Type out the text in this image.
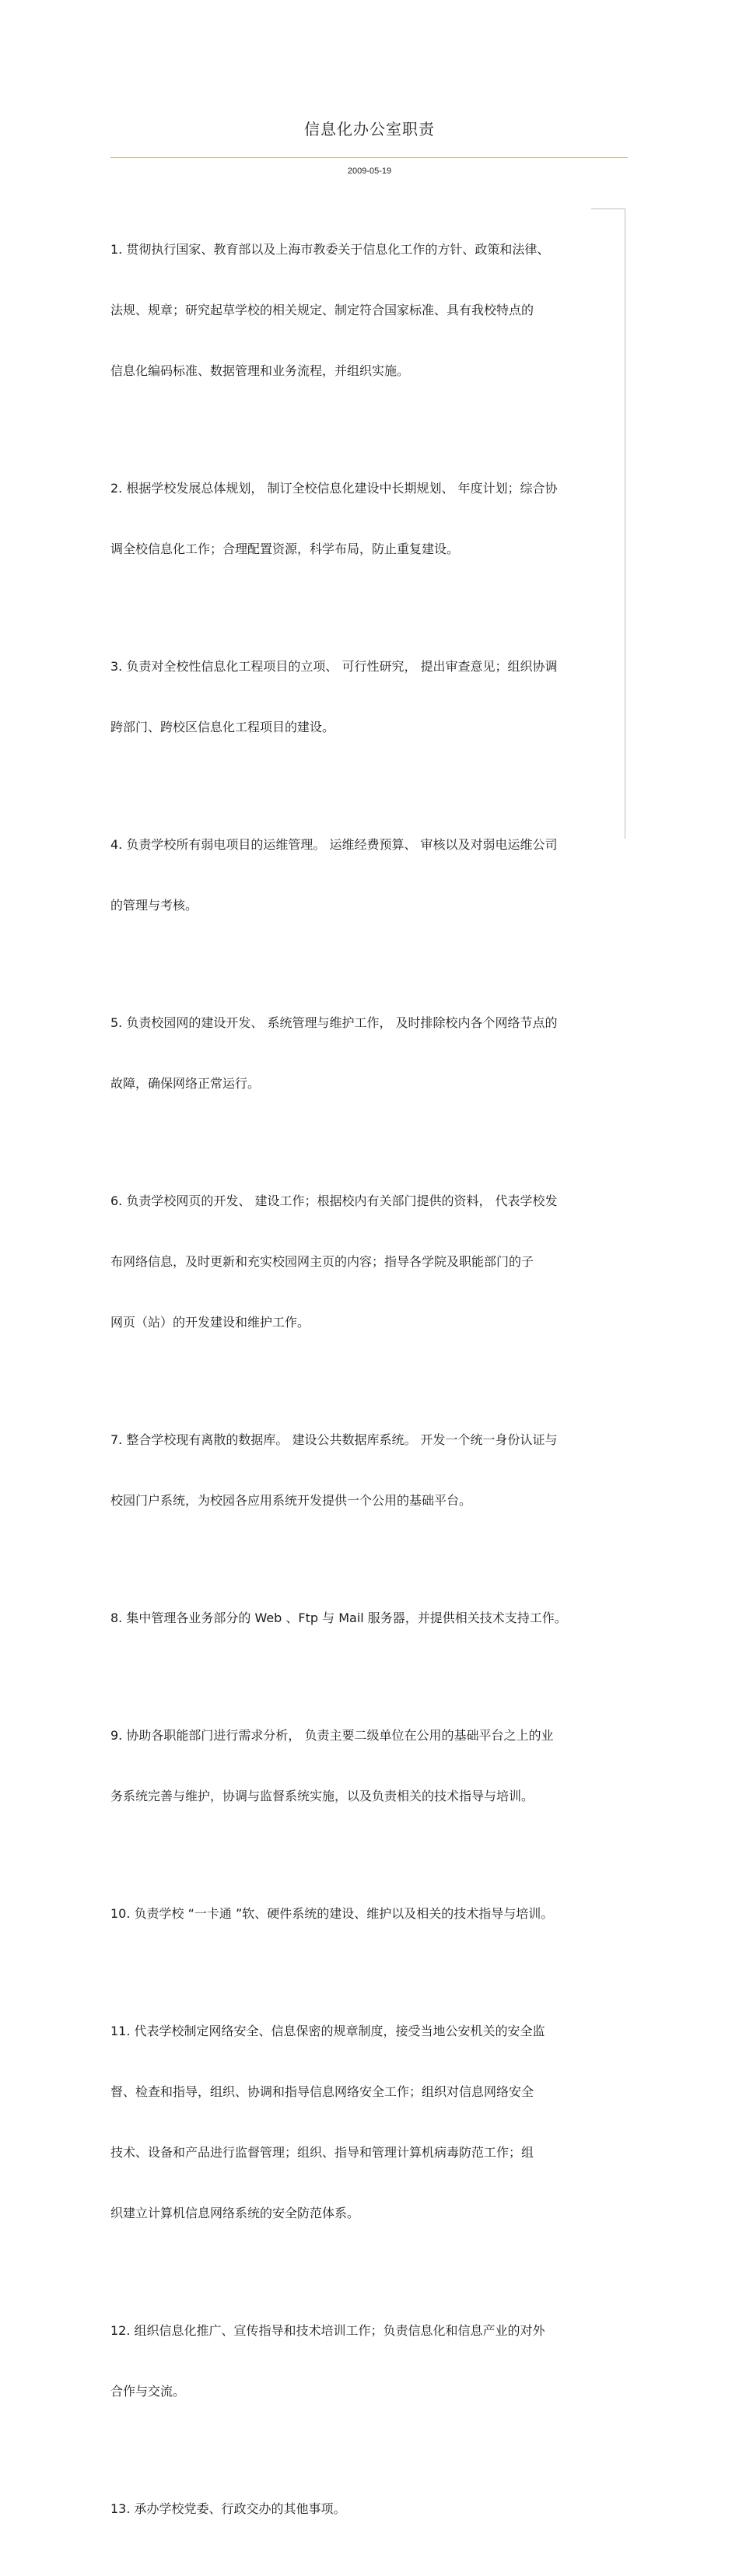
信息化办公室职责
2009-05-19

1. 贯彻执行国家、教育部以及上海市教委关于信息化工作的方针、政策和法律、

法规、规章；研究起草学校的相关规定、制定符合国家标准、具有我校特点的

信息化编码标准、数据管理和业务流程，并组织实施。

2. 根据学校发展总体规划， 制订全校信息化建设中长期规划、 年度计划；综合协

调全校信息化工作；合理配置资源，科学布局，防止重复建设。

3. 负责对全校性信息化工程项目的立项、 可行性研究， 提出审查意见；组织协调

跨部门、跨校区信息化工程项目的建设。

4. 负责学校所有弱电项目的运维管理。 运维经费预算、 审核以及对弱电运维公司

的管理与考核。

5. 负责校园网的建设开发、 系统管理与维护工作， 及时排除校内各个网络节点的

故障，确保网络正常运行。

6. 负责学校网页的开发、 建设工作；根据校内有关部门提供的资料， 代表学校发

布网络信息，及时更新和充实校园网主页的内容；指导各学院及职能部门的子

网页（站）的开发建设和维护工作。

7. 整合学校现有离散的数据库。 建设公共数据库系统。 开发一个统一身份认证与

校园门户系统，为校园各应用系统开发提供一个公用的基础平台。

8. 集中管理各业务部分的 Web 、Ftp 与 Mail 服务器，并提供相关技术支持工作。

9. 协助各职能部门进行需求分析， 负责主要二级单位在公用的基础平台之上的业

务系统完善与维护，协调与监督系统实施，以及负责相关的技术指导与培训。

10. 负责学校 “一卡通 ”软、硬件系统的建设、维护以及相关的技术指导与培训。

11. 代表学校制定网络安全、信息保密的规章制度，接受当地公安机关的安全监

督、检查和指导，组织、协调和指导信息网络安全工作；组织对信息网络安全

技术、设备和产品进行监督管理；组织、指导和管理计算机病毒防范工作；组

织建立计算机信息网络系统的安全防范体系。

12. 组织信息化推广、宣传指导和技术培训工作；负责信息化和信息产业的对外

合作与交流。

13. 承办学校党委、行政交办的其他事项。
